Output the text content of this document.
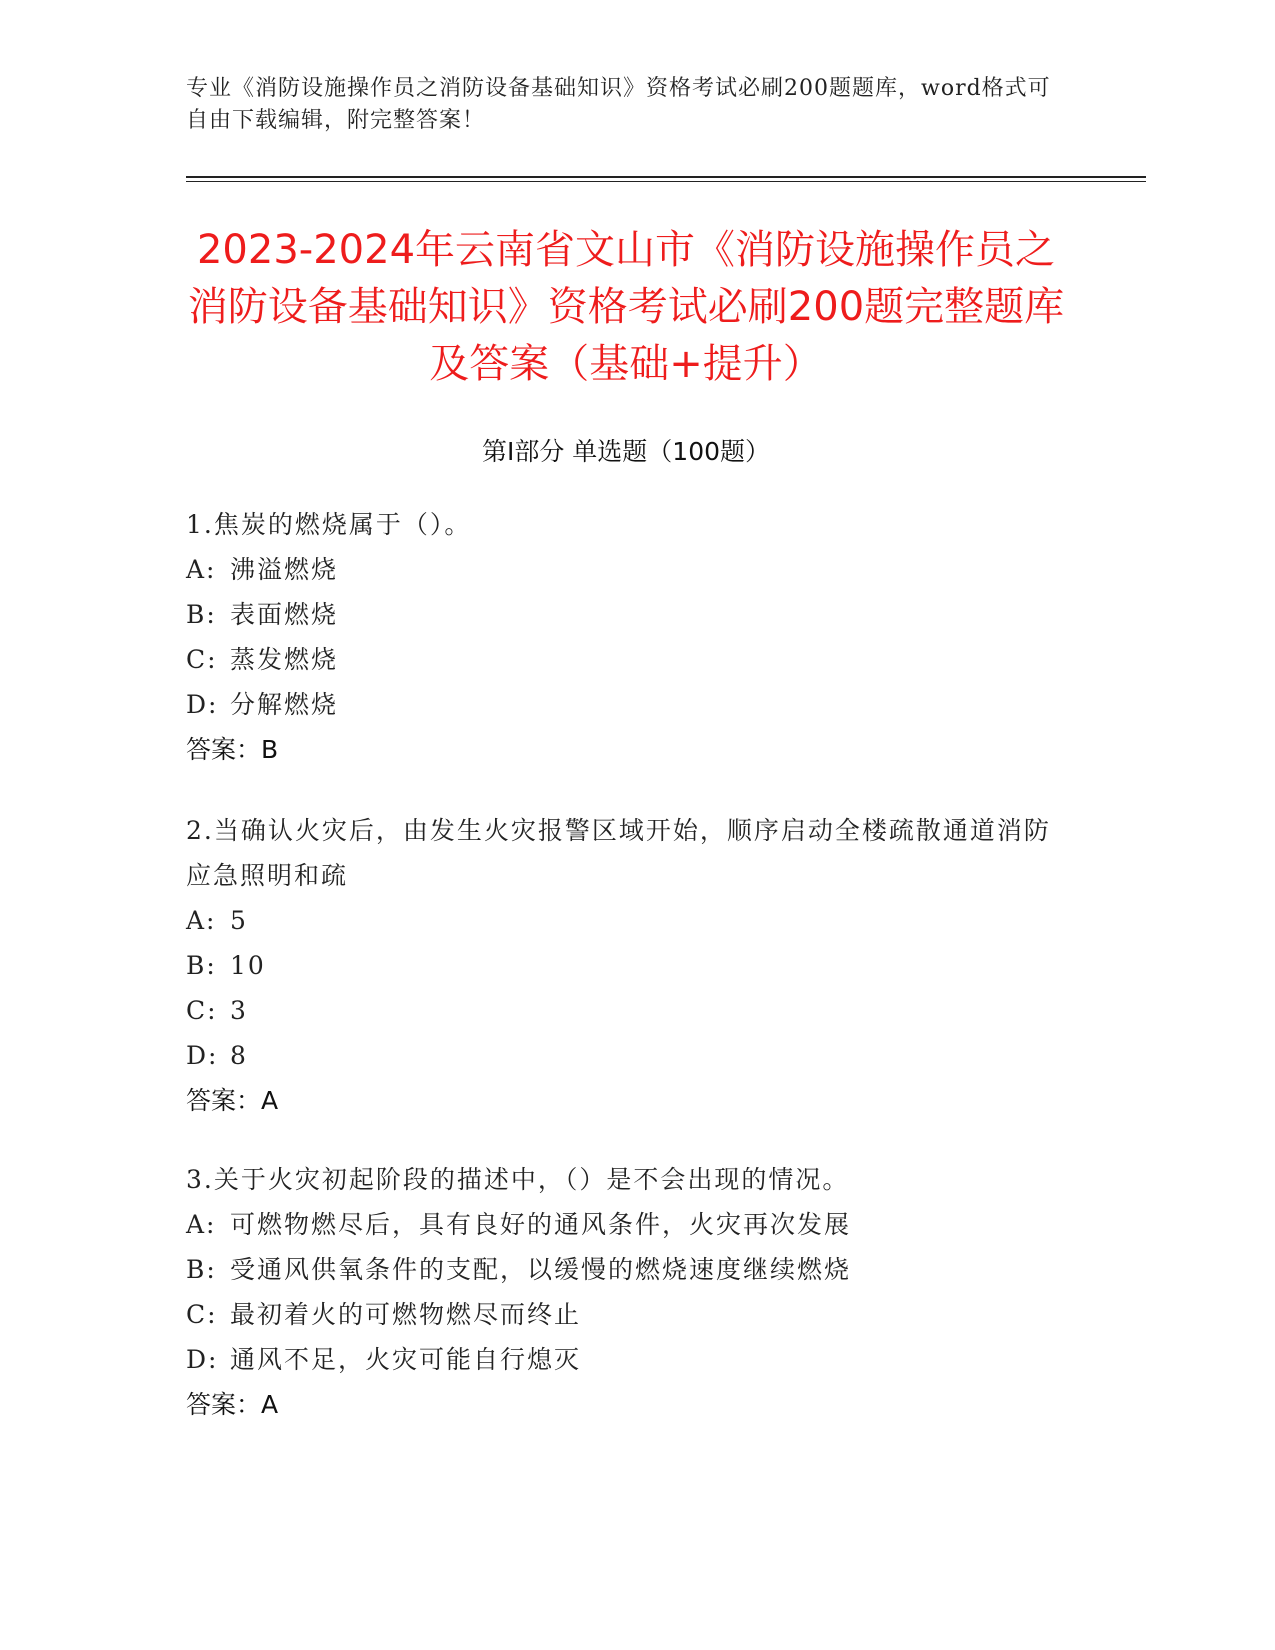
专业《消防设施操作员之消防设备基础知识》资格考试必刷200题题库，word格式可自由下载编辑，附完整答案！
2023-2024年云南省文山市《消防设施操作员之消防设备基础知识》资格考试必刷200题完整题库及答案（基础+提升）
第Ⅰ部分 单选题（100题）
1.焦炭的燃烧属于（）。
A: 沸溢燃烧
B: 表面燃烧
C: 蒸发燃烧
D: 分解燃烧
答案：B
2.当确认火灾后，由发生火灾报警区域开始，顺序启动全楼疏散通道消防应急照明和疏
A: 5
B: 10
C: 3
D: 8
答案：A
3.关于火灾初起阶段的描述中，（）是不会出现的情况。
A: 可燃物燃尽后，具有良好的通风条件，火灾再次发展
B: 受通风供氧条件的支配，以缓慢的燃烧速度继续燃烧
C: 最初着火的可燃物燃尽而终止
D: 通风不足，火灾可能自行熄灭
答案：A
